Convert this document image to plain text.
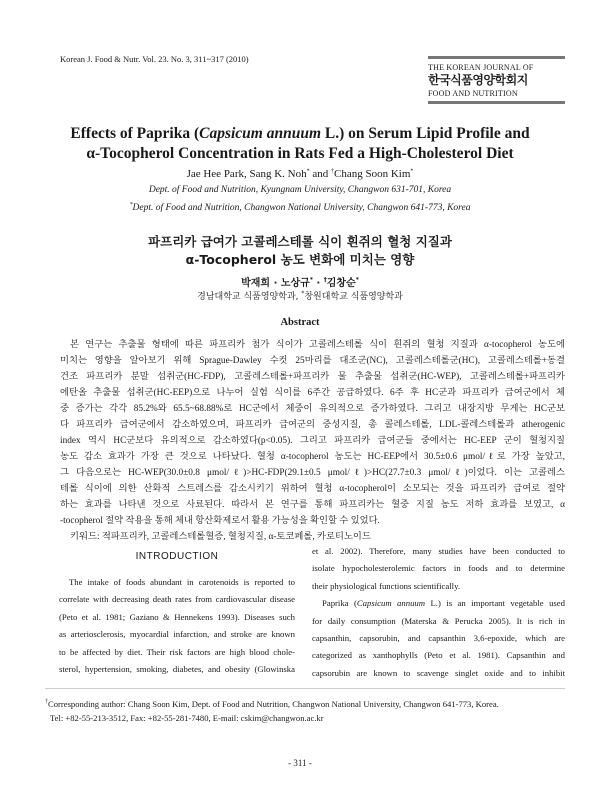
Korean J. Food & Nutr. Vol. 23. No. 3, 311~317 (2010)
THE KOREAN JOURNAL OF
한국식품영양학회지
FOOD AND NUTRITION
Effects of Paprika (Capsicum annuum L.) on Serum Lipid Profile and
α-Tocopherol Concentration in Rats Fed a High-Cholesterol Diet
Jae Hee Park, Sang K. Noh* and †Chang Soon Kim*
Dept. of Food and Nutrition, Kyungnam University, Changwon 631-701, Korea
*Dept. of Food and Nutrition, Changwon National University, Changwon 641-773, Korea
파프리카 급여가 고콜레스테롤 식이 흰쥐의 혈청 지질과
α-Tocopherol 농도 변화에 미치는 영향
박재희 · 노상규* · †김창순*
경남대학교 식품영양학과, *창원대학교 식품영양학과
Abstract
본 연구는 추출물 형태에 따른 파프리카 첨가 식이가 고콜레스테롤 식이 흰쥐의 혈청 지질과 α-tocopherol 농도에
미치는 영향을 알아보기 위해 Sprague-Dawley 수컷 25마리를 대조군(NC), 고콜레스테롤군(HC), 고콜레스테롤+동결
건조 파프리카 분말 섭취군(HC-FDP), 고콜레스테롤+파프리카 물 추출물 섭취군(HC-WEP), 고콜레스테롤+파프리카
에탄올 추출물 섭취군(HC-EEP)으로 나누어 실험 식이를 6주간 공급하였다. 6주 후 HC군과 파프리카 급여군에서 체
중 증가는 각각 85.2%와 65.5~68.88%로 HC군에서 체중이 유의적으로 증가하였다. 그리고 내장지방 무게는 HC군보
다 파프리카 급여군에서 감소하였으며, 파프리카 급여군의 중성지질, 총 콜레스테롤, LDL-콜레스테롤과 atherogenic
index 역시 HC군보다 유의적으로 감소하였다(p<0.05). 그리고 파프리카 급여군들 중에서는 HC-EEP 군이 혈청지질
농도 감소 효과가 가장 큰 것으로 나타났다. 혈청 α-tocopherol 농도는 HC-EEP에서 30.5±0.6 μmol/ℓ로 가장 높았고,
그 다음으로는 HC-WEP(30.0±0.8 μmol/ℓ)>HC-FDP(29.1±0.5 μmol/ℓ)>HC(27.7±0.3 μmol/ℓ)이었다. 이는 고콜레스
테롤 식이에 의한 산화적 스트레스를 감소시키기 위하여 혈청 α-tocopherol이 소모되는 것을 파프리카 급여로 절약
하는 효과를 나타낸 것으로 사료된다. 따라서 본 연구를 통해 파프리카는 혈중 지질 농도 저하 효과를 보였고, α
-tocopherol 절약 작용을 통해 체내 항산화제로서 활용 가능성을 확인할 수 있었다.
키워드: 적파프리카, 고콜레스테롤혈증, 혈청지질, α-토코페롤, 카로티노이드
INTRODUCTION
The intake of foods abundant in carotenoids is reported to
correlate with decreasing death rates from cardiovascular disease
(Peto et al. 1981; Gaziano & Hennekens 1993). Diseases such
as arteriosclerosis, myocardial infarction, and stroke are known
to be affected by diet. Their risk factors are high blood chole-
sterol, hypertension, smoking, diabetes, and obesity (Glowinska
et al. 2002). Therefore, many studies have been conducted to
isolate hypocholesterolemic factors in foods and to determine
their physiological functions scientifically.
Paprika (Capsicum annuum L.) is an important vegetable used
for daily consumption (Materska & Perucka 2005). It is rich in
capsanthin, capsorubin, and capsanthin 3,6-epoxide, which are
categorized as xanthophylls (Peto et al. 1981). Capsanthin and
capsorubin are known to scavenge singlet oxide and to inhibit
†Corresponding author: Chang Soon Kim, Dept. of Food and Nutrition, Changwon National University, Changwon 641-773, Korea.
Tel: +82-55-213-3512, Fax: +82-55-281-7480, E-mail: cskim@changwon.ac.kr
- 311 -
